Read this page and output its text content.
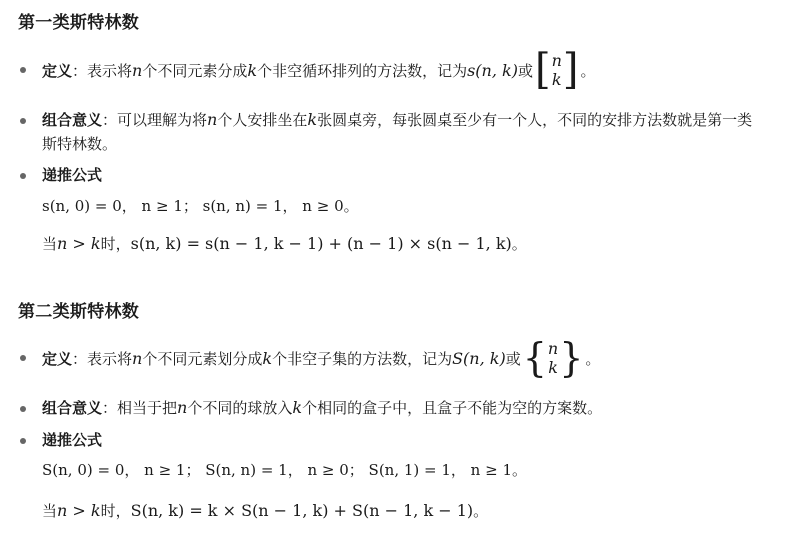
第一类斯特林数
定义 ：表示将 n 个不同元素分成 k 个非空循环排列的方法数，记为 s(n, k) 或 [ n
k ] 。
组合意义 ：可以理解为将 n 个人安排坐在 k 张圆桌旁，每张圆桌至少有一个人，不同的安排方法数就是第一类
斯特林数。
递推公式
s(n, 0) = 0， n ≥ 1； s(n, n) = 1， n ≥ 0。
当 n > k 时， s(n, k) = s(n − 1, k − 1) + (n − 1) × s(n − 1, k) 。
第二类斯特林数
定义 ：表示将 n 个不同元素划分成 k 个非空子集的方法数，记为 S(n, k) 或 { n
k } 。
组合意义 ：相当于把 n 个不同的球放入 k 个相同的盒子中，且盒子不能为空的方案数。
递推公式
S(n, 0) = 0， n ≥ 1； S(n, n) = 1， n ≥ 0； S(n, 1) = 1， n ≥ 1。
当 n > k 时， S(n, k) = k × S(n − 1, k) + S(n − 1, k − 1) 。
